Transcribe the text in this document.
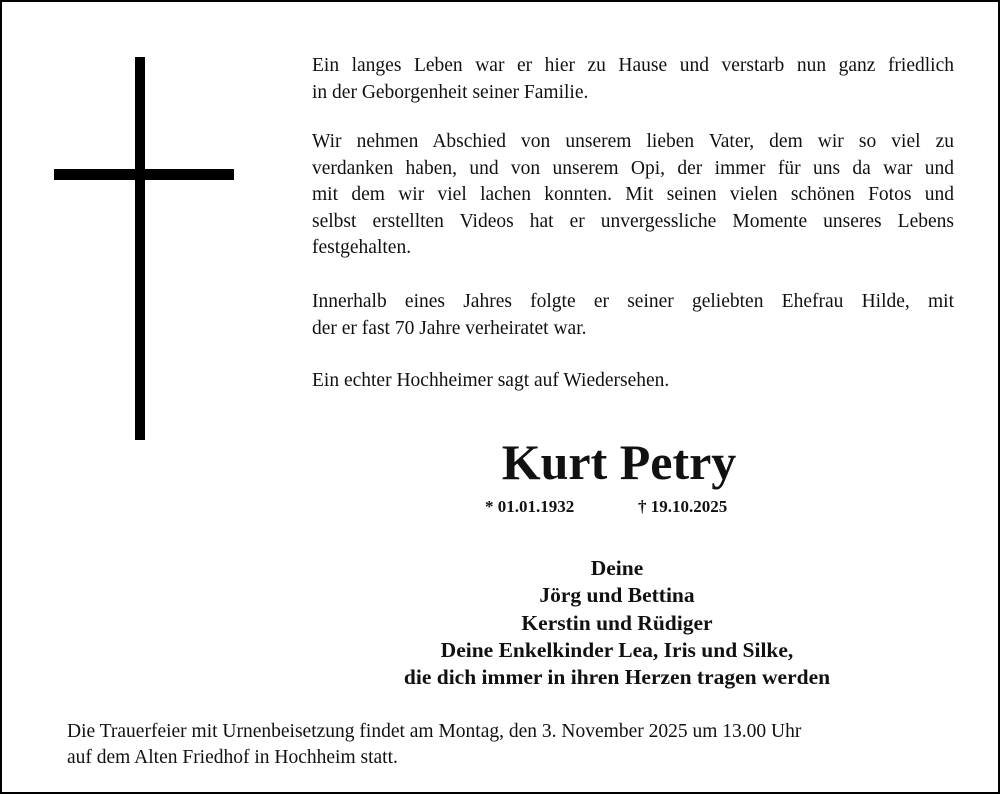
Ein langes Leben war er hier zu Hause und verstarb nun ganz friedlich
in der Geborgenheit seiner Familie.
Wir nehmen Abschied von unserem lieben Vater, dem wir so viel zu
verdanken haben, und von unserem Opi, der immer für uns da war und
mit dem wir viel lachen konnten. Mit seinen vielen schönen Fotos und
selbst erstellten Videos hat er unvergessliche Momente unseres Lebens
festgehalten.
Innerhalb eines Jahres folgte er seiner geliebten Ehefrau Hilde, mit
der er fast 70 Jahre verheiratet war.
Ein echter Hochheimer sagt auf Wiedersehen.
Kurt Petry
* 01.01.1932	† 19.10.2025
Deine
Jörg und Bettina
Kerstin und Rüdiger
Deine Enkelkinder Lea, Iris und Silke,
die dich immer in ihren Herzen tragen werden
Die Trauerfeier mit Urnenbeisetzung findet am Montag, den 3. November 2025 um 13.00 Uhr
auf dem Alten Friedhof in Hochheim statt.
